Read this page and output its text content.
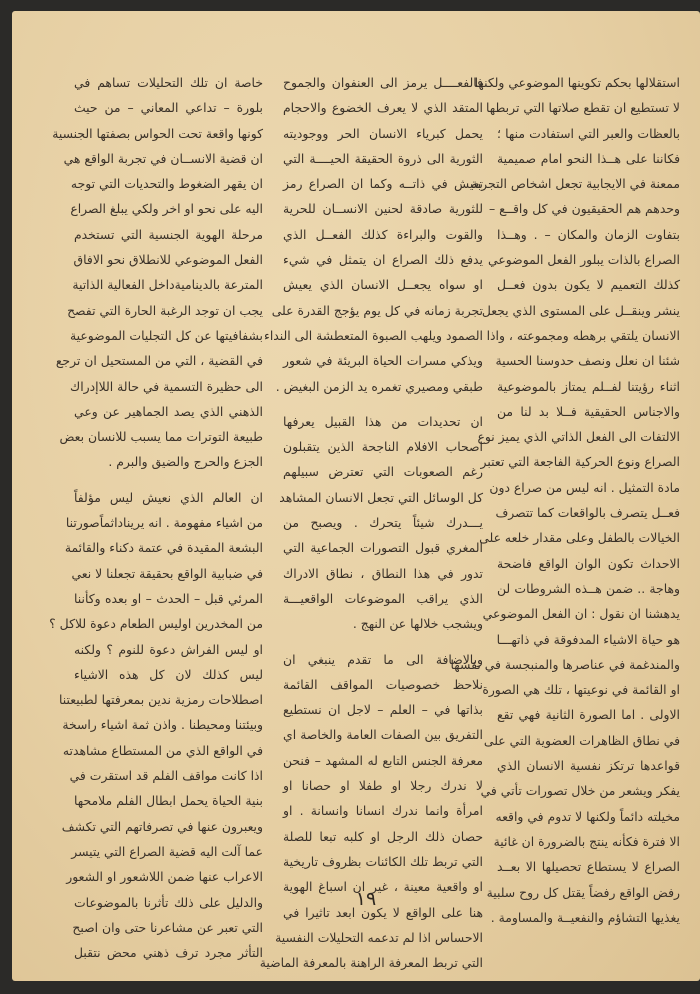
استقلالها بحكم تكوينها الموضوعي ولكنها
لا تستطيع ان تقطع صلاتها التي تربطها
بالعظات والعبر التي استفادت منها ؛
فكاننا على هــذا النحو امام صميمية
ممعنة في الايجابية تجعل اشخاص التجربة
وحدهم هم الحقيقيون في كل واقــع –
بتفاوت الزمان والمكان – . وهــذا
الصراع بالذات يبلور الفعل الموضوعي
كذلك التعميم لا يكون بدون فعــل
ينشر وينقــل على المستوى الذي يجعل
الانسان يلتقي برهطه ومجموعته ، واذا
شئنا ان نعلل ونصف حدوسنا الحسية
اثناء رؤيتنا لفــلم يمتاز بالموضوعية
والاجناس الحقيقية فــلا بد لنا من
الالتفات الى الفعل الذاتي الذي يميز نوع
الصراع ونوع الحركية الفاجعة التي تعتبر
مادة التمثيل . انه ليس من صراع دون
فعــل يتصرف بالواقعات كما تتصرف
الخيالات بالطفل وعلى مقدار خلعه على
الاحداث تكون الوان الواقع فاضحة
وهاجة .. ضمن هــذه الشروطات لن
يدهشنا ان نقول : ان الفعل الموضوعي
هو حياة الاشياء المدفوقة في ذاتهـــا
والمندغمة في عناصرها والمنبجسة في نفسها
او القائمة في نوعيتها ، تلك هي الصورة
الاولى . اما الصورة الثانية فهي تقع
في نطاق الظاهرات العضوية التي على
قواعدها ترتكز نفسية الانسان الذي
يفكر ويشعر من خلال تصورات تأتي في
مخيلته دائماً ولكنها لا تدوم في واقعه
الا فترة فكأنه ينتج بالضرورة ان غائية
الصراع لا يستطاع تحصيلها الا بعــد
رفض الواقع رفضاً يقتل كل روح سلبية
يغذيها التشاؤم والنفعيــة والمساومة .

فالفعــــل يرمز الى العنفوان والجموح
المتقد الذي لا يعرف الخضوع والاحجام
يحمل كبرياء الانسان الحر ووجوديته
الثورية الى ذروة الحقيقة الحيــــة التي
تعيش في ذاتــه وكما ان الصراع رمز
للثورية صادقة لحنين الانســان للحرية
والقوت والبراءة كذلك الفعــل الذي
يدفع ذلك الصراع ان يتمثل في شيء
او سواه يجعــل الانسان الذي يعيش
تجربة زمانه في كل يوم يؤجج القدرة على
الصمود ويلهب الصبوة المتعطشة الى النداء
ويذكي مسرات الحياة البريئة في شعور
طبقي ومصيري تغمره يد الزمن البغيض .

ان تحديدات من هذا القبيل يعرفها
اصحاب الافلام الناجحة الذين يتقبلون
رغم الصعوبات التي تعترض سبيلهم
كل الوسائل التي تجعل الانسان المشاهد
يـــدرك شيئاً يتحرك . ويصبح من
المغري قبول التصورات الجماعية التي
تدور في هذا النطاق ، نطاق الادراك
الذي يراقب الموضوعات الواقعيـــة
ويشجب خلالها عن النهج .

وبالاضافة الى ما تقدم ينبغي ان
نلاحظ خصوصيات المواقف القائمة
بذاتها في – العلم – لاجل ان نستطيع
التفريق بين الصفات العامة والخاصة اي
معرفة الجنس التابع له المشهد – فنحن
لا ندرك رجلا او طفلا او حصانا او
امرأة وانما ندرك انسانا وانسانة . او
حصان ذلك الرجل او كلبه تبعا للصلة
التي تربط تلك الكائنات بظروف تاريخية
او واقعية معينة ، غير ان اسباغ الهوية
هنا على الواقع لا يكون ابعد تاثيرا في
الاحساس اذا لم تدعمه التحليلات النفسية
التي تربط المعرفة الراهنة بالمعرفة الماضية

خاصة ان تلك التحليلات تساهم في
بلورة – تداعي المعاني – من حيث
كونها واقعة تحت الحواس بصفتها الجنسية
ان قضية الانســان في تجربة الواقع هي
ان يقهر الضغوط والتحديات التي توجه
اليه على نحو او اخر ولكي يبلغ الصراع
مرحلة الهوية الجنسية التي تستخدم
الفعل الموضوعي للانطلاق نحو الافاق
المترعة بالديناميةداخل الفعالية الذاتية
يجب ان توجد الرغبة الحارة التي تفصح
بشفافيتها عن كل التجليات الموضوعية
في القضية ، التي من المستحيل ان ترجع
الى حظيرة التسمية في حالة اللاإدراك
الذهني الذي يصد الجماهير عن وعي
طبيعة التوترات مما يسبب للانسان بعض
الجزع والحرج والضيق والبرم .

ان العالم الذي نعيش ليس مؤلفاً
من اشياء مفهومة . انه يريناداثماًصورتنا
البشعة المقيدة في عتمة دكناء والقائمة
في ضبابية الواقع بحقيقة تجعلنا لا نعي
المرئي قبل – الحدث – او بعده وكأننا
من المخدرين اوليس الطعام دعوة للاكل ؟
او ليس الفراش دعوة للنوم ؟ ولكنه
ليس كذلك لان كل هذه الاشياء
اصطلاحات رمزية ندين بمعرفتها لطبيعتنا
وبيئتنا ومحيطنا . واذن ثمة اشياء راسخة
في الواقع الذي من المستطاع مشاهدته
اذا كانت مواقف الفلم قد استقرت في
بنية الحياة يحمل ابطال الفلم ملامحها
ويعبرون عنها في تصرفاتهم التي تكشف
عما آلت اليه قضية الصراع التي يتيسر
الاعراب عنها ضمن اللاشعور او الشعور
والدليل على ذلك تأثرنا بالموضوعات
التي تعبر عن مشاعرنا حتى وان اصبح
التأثر مجرد ترف ذهني محض نتقبل

١٩
